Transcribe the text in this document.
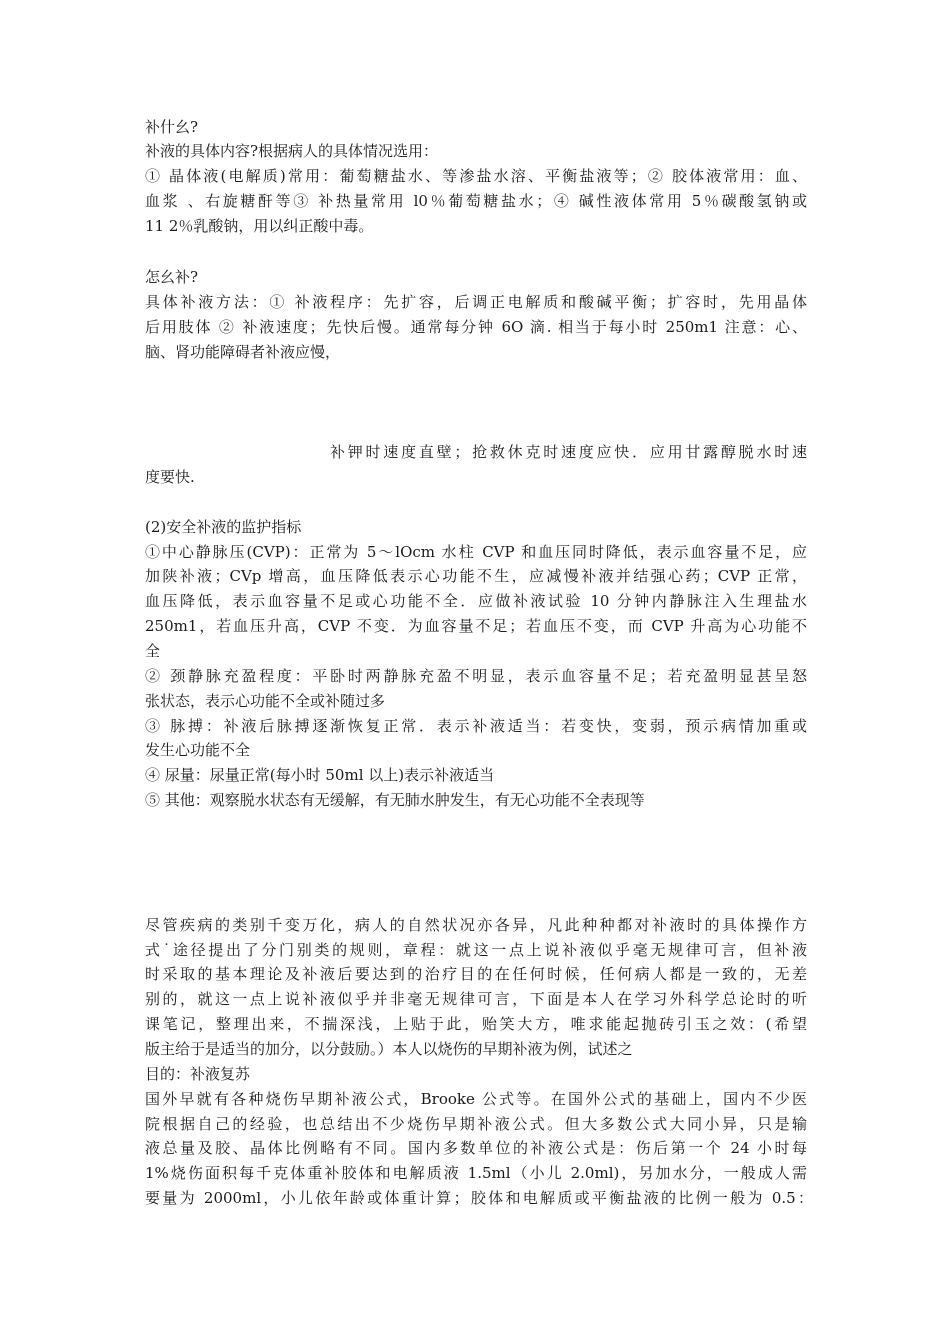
补什幺?
补液的具体内容?根据病人的具体情况选用：
① 晶体液(电解质)常用：葡萄糖盐水、等渗盐水溶、平衡盐液等；② 胶体液常用：血、
血浆 、右旋糖酐等③ 补热量常用 l0％葡萄糖盐水；④ 碱性液体常用 5％碳酸氢钠或
11 2％乳酸钠，用以纠正酸中毒。
怎幺补?
具体补液方法：① 补液程序：先扩容，后调正电解质和酸碱平衡；扩容时，先用晶体
后用肢体 ② 补液速度；先快后慢。通常每分钟 6O 滴. 相当于每小时 250m1 注意：心、
脑、肾功能障碍者补液应慢，
补钾时速度直壁；抢救休克时速度应快．应用甘露醇脱水时速
度要快.
(2)安全补液的监护指标
①中心静脉压(CVP)：正常为 5～lOcm 水柱 CVP 和血压同时降低，表示血容量不足，应
加陕补液；CVp 增高，血压降低表示心功能不生，应减慢补液并结强心药；CVP 正常，
血压降低，表示血容量不足或心功能不全．应做补液试验 10 分钟内静脉注入生理盐水
250m1，若血压升高，CVP 不变．为血容量不足；若血压不变，而 CVP 升高为心功能不
全
② 颈静脉充盈程度：平卧时两静脉充盈不明显，表示血容量不足；若充盈明显甚呈怒
张状态，表示心功能不全或补随过多
③ 脉搏：补液后脉搏逐渐恢复正常．表示补液适当：若变快，变弱，预示病情加重或
发生心功能不全
④ 尿量：尿量正常(每小时 50ml 以上)表示补液适当
⑤ 其他：观察脱水状态有无缓解，有无肺水肿发生，有无心功能不全表现等
尽管疾病的类别千变万化，病人的自然状况亦各异，凡此种种都对补液时的具体操作方
式˙途径提出了分门别类的规则，章程：就这一点上说补液似乎毫无规律可言，但补液
时采取的基本理论及补液后要达到的治疗目的在任何时候，任何病人都是一致的，无差
别的，就这一点上说补液似乎并非毫无规律可言，下面是本人在学习外科学总论时的听
课笔记，整理出来，不揣深浅，上贴于此，贻笑大方，唯求能起抛砖引玉之效：(希望
版主给于是适当的加分，以分鼓励。）本人以烧伤的早期补液为例，试述之
目的：补液复苏
国外早就有各种烧伤早期补液公式，Brooke 公式等。在国外公式的基础上，国内不少医
院根据自己的经验，也总结出不少烧伤早期补液公式。但大多数公式大同小异，只是输
液总量及胶、晶体比例略有不同。国内多数单位的补液公式是：伤后第一个 24 小时每
1%烧伤面积每千克体重补胶体和电解质液 1.5ml（小儿 2.0ml)，另加水分，一般成人需
要量为 2000ml，小儿依年龄或体重计算；胶体和电解质或平衡盐液的比例一般为 0.5：
